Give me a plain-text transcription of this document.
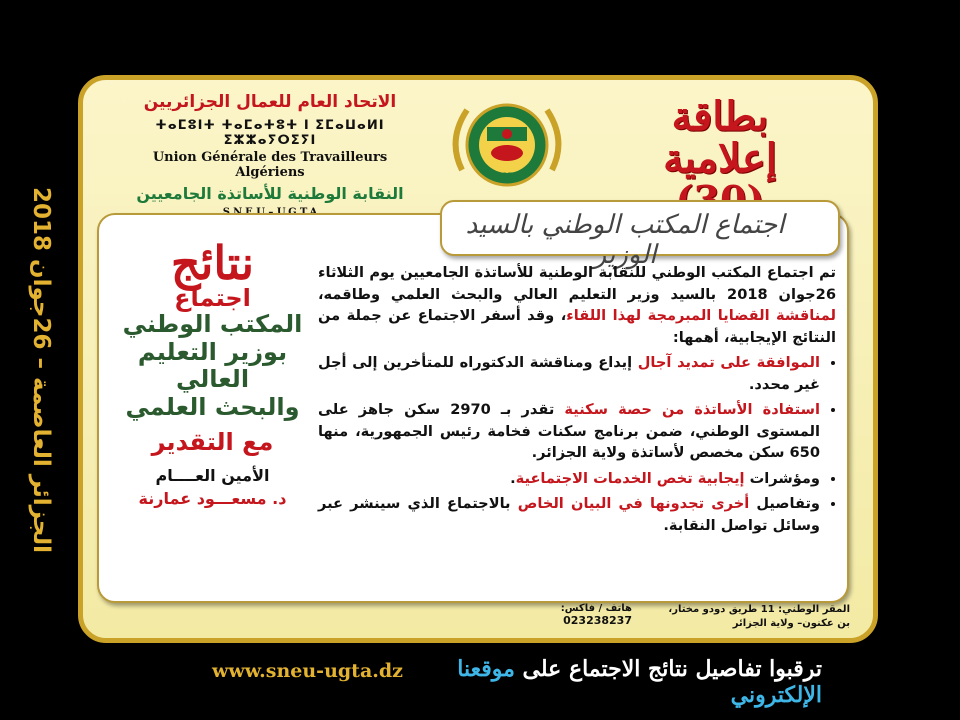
الجزائر العاصمة – 26جوان 2018
الاتحاد العام للعمال الجزائريين
ⵜⴰⵎⵓⵏⵜ ⵜⴰⵎⴰⵜⵓⵜ ⵏ ⵉⵎⴰⵡⴰⵍⵏ ⵉⵣⵣⴰⵢⵔⵉⵢⵏ
Union Générale des Travailleurs Algériens
النقابة الوطنية للأساتذة الجامعيين
UGTA
بطاقة إعلامية
اجتماع المكتب الوطني بالسيد الوزير
نتائج
اجتماع
المكتب الوطني
بوزير التعليم العالي
والبحث العلمي
مع التقدير
الأمين العــــام
د. مسعـــود عمارنة

تم اجتماع المكتب الوطني للنقابة الوطنية للأساتذة الجامعيين يوم الثلاثاء 26جوان 2018 بالسيد وزير التعليم العالي والبحث العلمي وطاقمه، لمناقشة القضايا المبرمجة لهذا اللقاء، وقد أسفر الاجتماع عن جملة من النتائج الإيجابية، أهمها:

• الموافقة على تمديد آجال إيداع ومناقشة الدكتوراه للمتأخرين إلى أجل غير محدد.
• استفادة الأساتذة من حصة سكنية تقدر بـ 2970 سكن جاهز على المستوى الوطني، ضمن برنامج سكنات فخامة رئيس الجمهورية، منها 650 سكن مخصص لأساتذة ولاية الجزائر.
• ومؤشرات إيجابية تخص الخدمات الاجتماعية.
• وتفاصيل أخرى تجدونها في البيان الخاص بالاجتماع الذي سينشر عبر وسائل تواصل النقابة.
هاتف / فاكس:
023238237
المقر الوطني: 11 طريق دودو مختار،
بن عكنون– ولاية الجزائر
www.sneu-ugta.dz	ترقبوا تفاصيل نتائج الاجتماع على موقعنا الإلكتروني
